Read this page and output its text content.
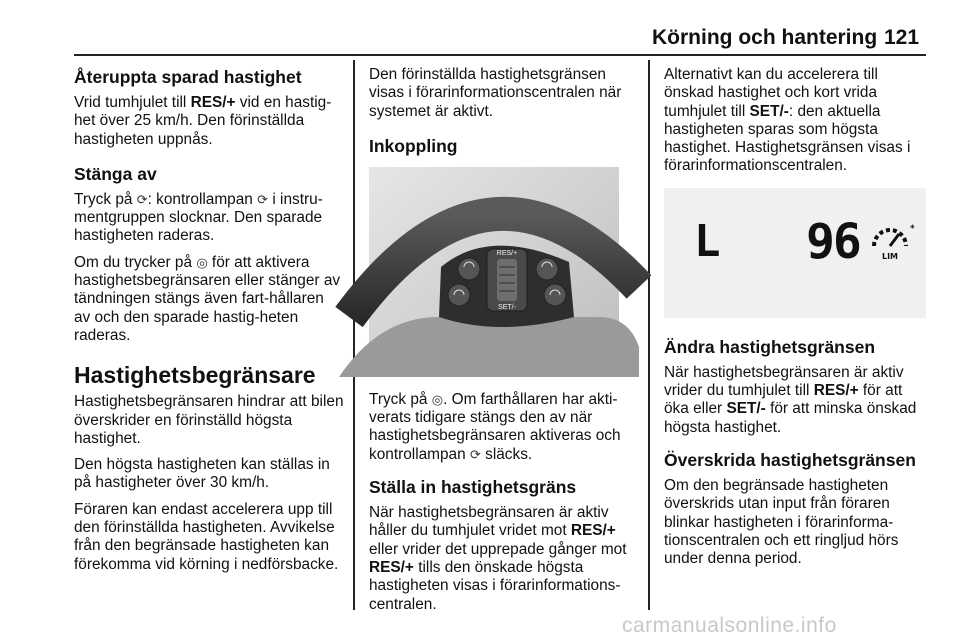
Körning och hantering 121
Återuppta sparad hastighet

Vrid tumhjulet till RES/+ vid en hastig-het över 25 km/h. Den förinställda hastigheten uppnås.

Stänga av

Tryck på ⟳: kontrollampan ⟳ i instru-mentgruppen slocknar. Den sparade hastigheten raderas.

Om du trycker på ◎ för att aktivera hastighetsbegränsaren eller stänger av tändningen stängs även fart-hållaren av och den sparade hastig-heten raderas.

Hastighetsbegränsare

Hastighetsbegränsaren hindrar att bilen överskrider en förinställd högsta hastighet.

Den högsta hastigheten kan ställas in på hastigheter över 30 km/h.

Föraren kan endast accelerera upp till den förinställda hastigheten. Avvikelse från den begränsade hastigheten kan förekomma vid körning i nedförsbacke.

Den förinställda hastighetsgränsen visas i förarinformationscentralen när systemet är aktivt.

Inkoppling
RES/+
SET/-

Tryck på ◎. Om farthållaren har akti-verats tidigare stängs den av när hastighetsbegränsaren aktiveras och kontrollampan ⟳ släcks.

Ställa in hastighetsgräns

När hastighetsbegränsaren är aktiv håller du tumhjulet vridet mot RES/+ eller vrider det upprepade gånger mot RES/+ tills den önskade högsta hastigheten visas i förarinformations-centralen.

Alternativt kan du accelerera till önskad hastighet och kort vrida tumhjulet till SET/-: den aktuella hastigheten sparas som högsta hastighet. Hastighetsgränsen visas i förarinformationscentralen.

L 96	*
LIM
Ändra hastighetsgränsen

När hastighetsbegränsaren är aktiv vrider du tumhjulet till RES/+ för att öka eller SET/- för att minska önskad högsta hastighet.

Överskrida hastighetsgränsen

Om den begränsade hastigheten överskrids utan input från föraren blinkar hastigheten i förarinforma-tionscentralen och ett ringljud hörs under denna period.

carmanualsonline.info
